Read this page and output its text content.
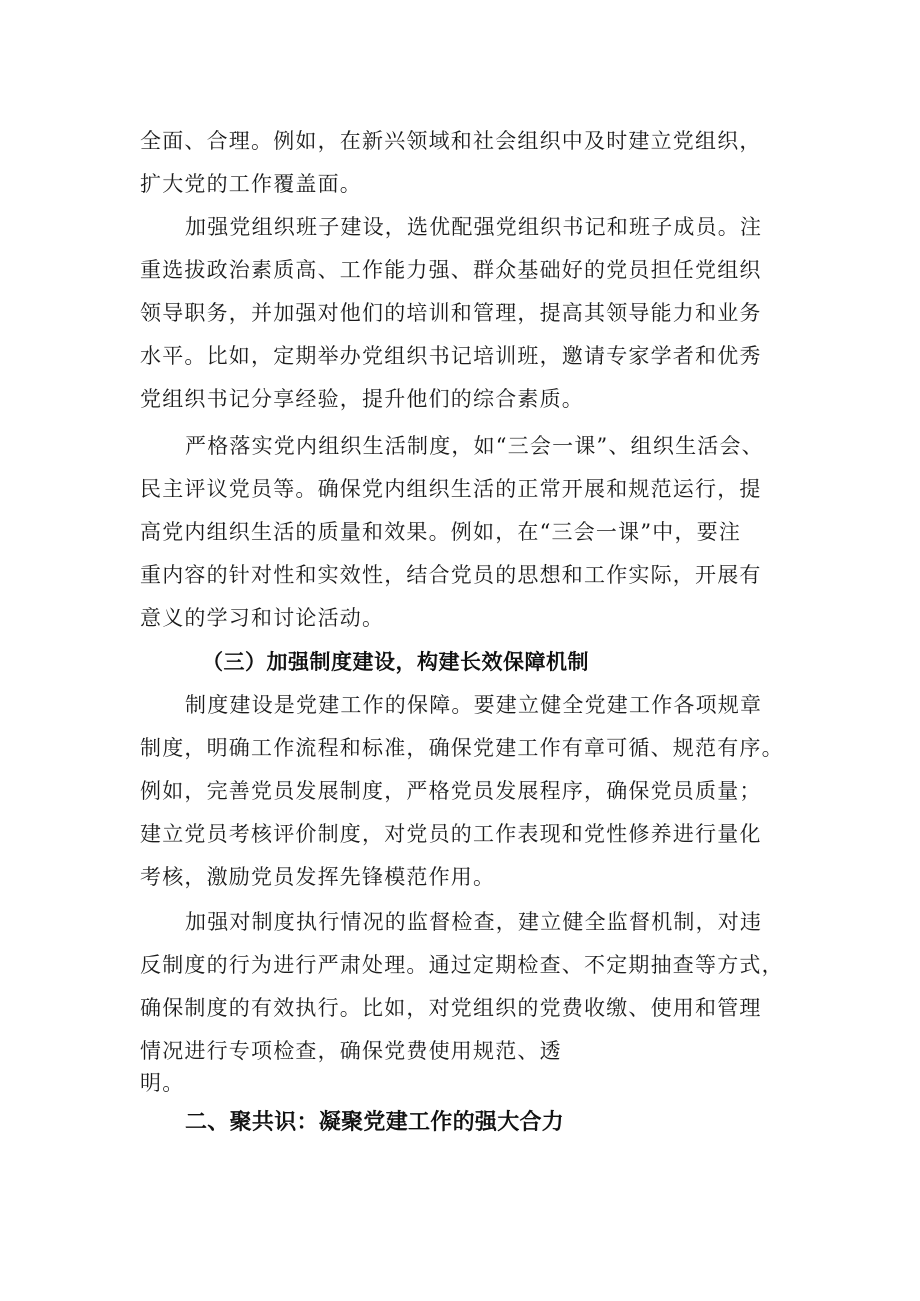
全面、合理。例如，在新兴领域和社会组织中及时建立党组织，
扩大党的工作覆盖面。
加强党组织班子建设，选优配强党组织书记和班子成员。注
重选拔政治素质高、工作能力强、群众基础好的党员担任党组织
领导职务，并加强对他们的培训和管理，提高其领导能力和业务
水平。比如，定期举办党组织书记培训班，邀请专家学者和优秀
党组织书记分享经验，提升他们的综合素质。
严格落实党内组织生活制度，如“三会一课”、组织生活会、
民主评议党员等。确保党内组织生活的正常开展和规范运行，提
高党内组织生活的质量和效果。例如，在“三会一课”中，要注
重内容的针对性和实效性，结合党员的思想和工作实际，开展有
意义的学习和讨论活动。
（三）加强制度建设，构建长效保障机制
制度建设是党建工作的保障。要建立健全党建工作各项规章
制度，明确工作流程和标准，确保党建工作有章可循、规范有序。
例如，完善党员发展制度，严格党员发展程序，确保党员质量；
建立党员考核评价制度，对党员的工作表现和党性修养进行量化
考核，激励党员发挥先锋模范作用。
加强对制度执行情况的监督检查，建立健全监督机制，对违
反制度的行为进行严肃处理。通过定期检查、不定期抽查等方式，
确保制度的有效执行。比如，对党组织的党费收缴、使用和管理
情况进行专项检查，确保党费使用规范、透
明。
二、聚共识：凝聚党建工作的强大合力
